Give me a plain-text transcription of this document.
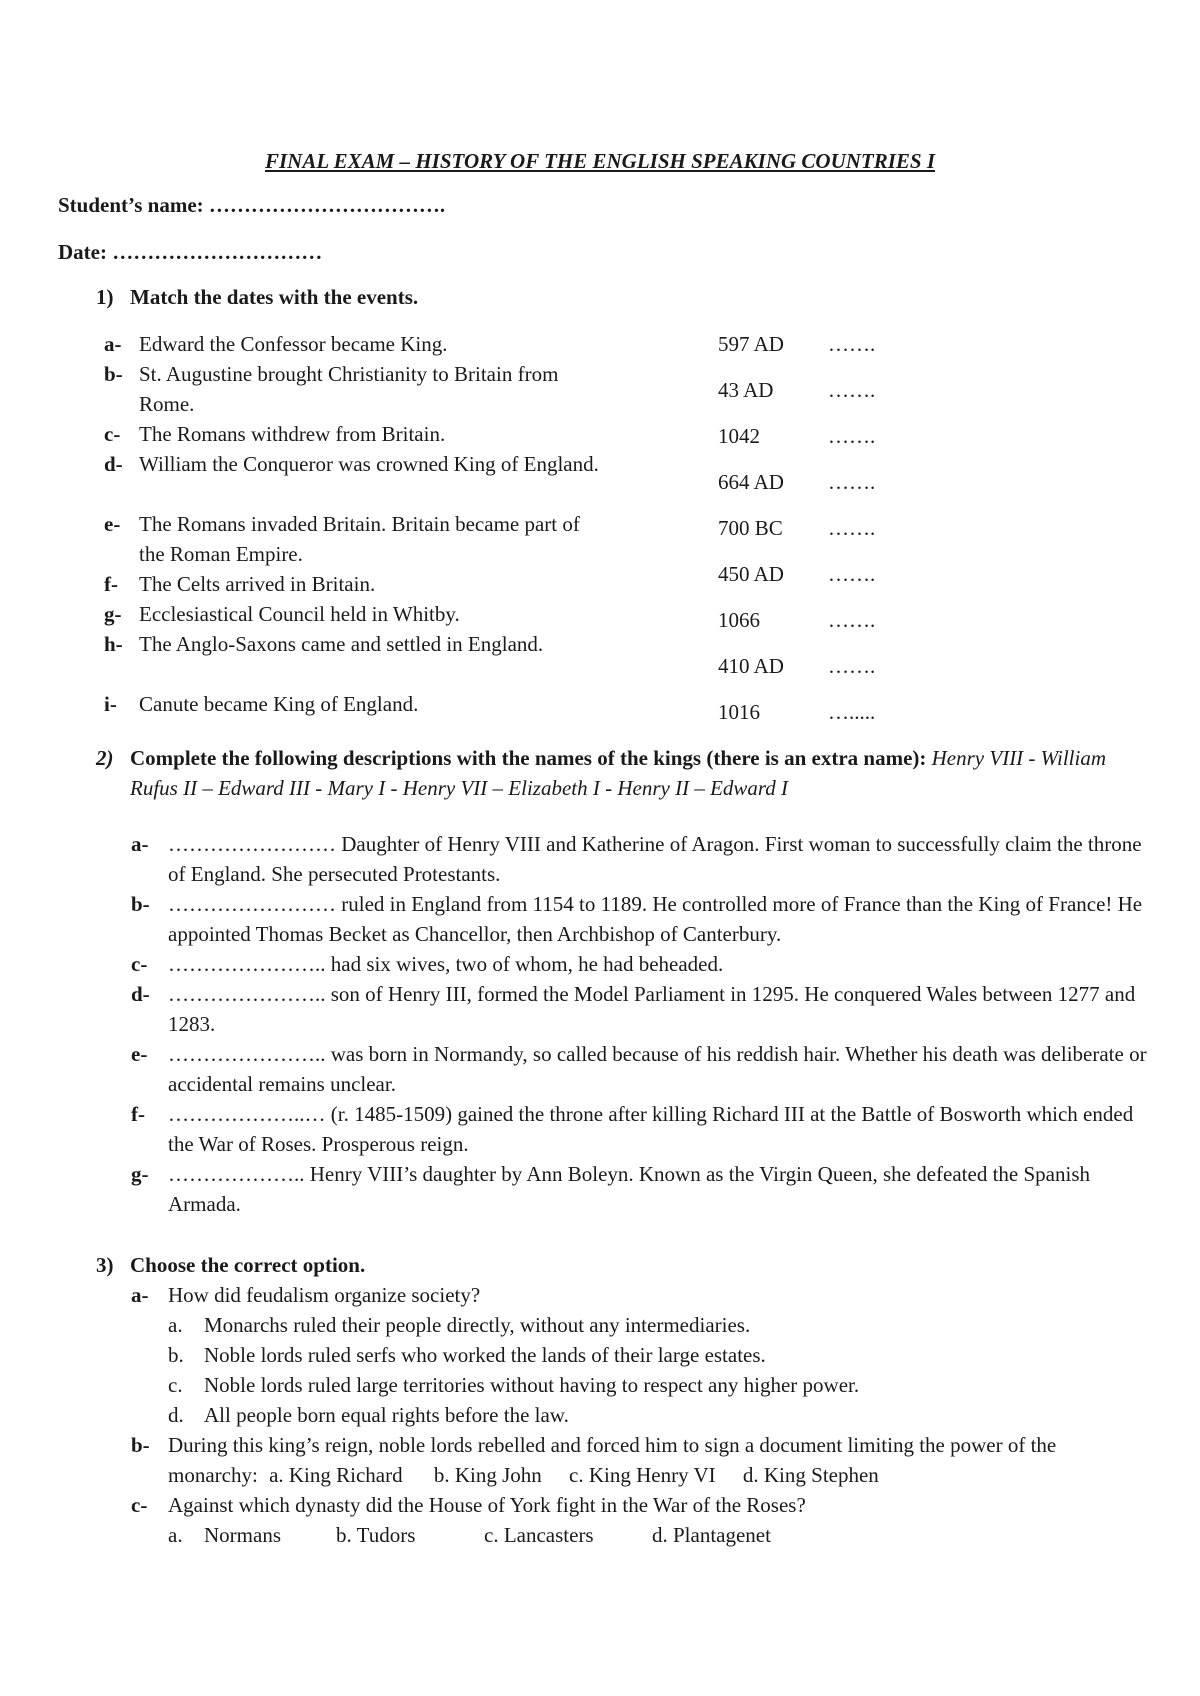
FINAL EXAM – HISTORY OF THE ENGLISH SPEAKING COUNTRIES I
Student’s name: …………………………….
Date: …………………………
1) Match the dates with the events.
a- Edward the Confessor became King.
b- St. Augustine brought Christianity to Britain from Rome.
c- The Romans withdrew from Britain.
d- William the Conqueror was crowned King of England.
e- The Romans invaded Britain. Britain became part of the Roman Empire.
f- The Celts arrived in Britain.
g- Ecclesiastical Council held in Whitby.
h- The Anglo-Saxons came and settled in England.
i- Canute became King of England.
597 AD …….
43 AD	…….
1042	…….
664 AD …….
700 BC …….
450 AD …….
1066	…….
410 AD …….
1016	….....
2) Complete the following descriptions with the names of the kings (there is an extra name): Henry VIII - William Rufus II – Edward III - Mary I - Henry VII – Elizabeth I - Henry II – Edward I
a- …………………… Daughter of Henry VIII and Katherine of Aragon. First woman to successfully claim the throne of England. She persecuted Protestants.
b- …………………… ruled in England from 1154 to 1189. He controlled more of France than the King of France! He appointed Thomas Becket as Chancellor, then Archbishop of Canterbury.
c- ………………….. had six wives, two of whom, he had beheaded.
d- ………………….. son of Henry III, formed the Model Parliament in 1295. He conquered Wales between 1277 and 1283.
e- ………………….. was born in Normandy, so called because of his reddish hair. Whether his death was deliberate or accidental remains unclear.
f- ………………..… (r. 1485-1509) gained the throne after killing Richard III at the Battle of Bosworth which ended the War of Roses. Prosperous reign.
g- ……………….. Henry VIII’s daughter by Ann Boleyn. Known as the Virgin Queen, she defeated the Spanish Armada.
3) Choose the correct option.
a- How did feudalism organize society?
a. Monarchs ruled their people directly, without any intermediaries.
b. Noble lords ruled serfs who worked the lands of their large estates.
c. Noble lords ruled large territories without having to respect any higher power.
d. All people born equal rights before the law.
b- During this king’s reign, noble lords rebelled and forced him to sign a document limiting the power of the monarchy: a. King Richard b. King John c. King Henry VI d. King Stephen
c- Against which dynasty did the House of York fight in the War of the Roses?
a. Normans	b. Tudors	c. Lancasters	d. Plantagenet
